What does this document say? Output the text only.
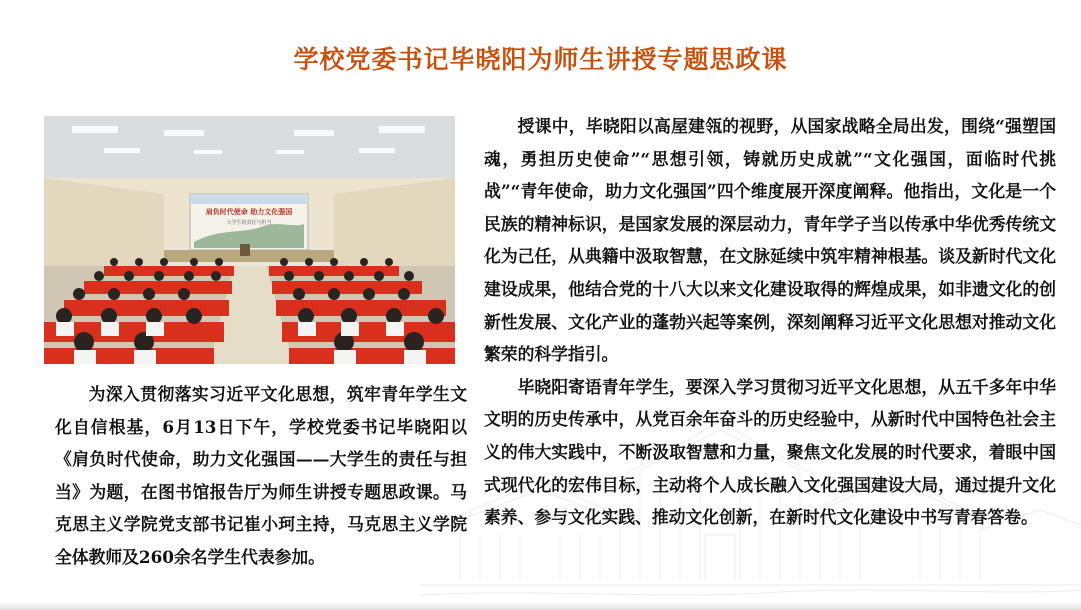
学校党委书记毕晓阳为师生讲授专题思政课
肩负时代使命 助力文化强国
大学生的责任与担当

为深入贯彻落实习近平文化思想，筑牢青年学生文化自信根基，6月13日下午，学校党委书记毕晓阳以《肩负时代使命，助力文化强国——大学生的责任与担当》为题，在图书馆报告厅为师生讲授专题思政课。马克思主义学院党支部书记崔小珂主持，马克思主义学院全体教师及260余名学生代表参加。

授课中，毕晓阳以高屋建瓴的视野，从国家战略全局出发，围绕“强塑国魂，勇担历史使命”“思想引领，铸就历史成就”“文化强国，面临时代挑战”“青年使命，助力文化强国”四个维度展开深度阐释。他指出，文化是一个民族的精神标识，是国家发展的深层动力，青年学子当以传承中华优秀传统文化为己任，从典籍中汲取智慧，在文脉延续中筑牢精神根基。谈及新时代文化建设成果，他结合党的十八大以来文化建设取得的辉煌成果，如非遗文化的创新性发展、文化产业的蓬勃兴起等案例，深刻阐释习近平文化思想对推动文化繁荣的科学指引。

毕晓阳寄语青年学生，要深入学习贯彻习近平文化思想，从五千多年中华文明的历史传承中，从党百余年奋斗的历史经验中，从新时代中国特色社会主义的伟大实践中，不断汲取智慧和力量，聚焦文化发展的时代要求，着眼中国式现代化的宏伟目标，主动将个人成长融入文化强国建设大局，通过提升文化素养、参与文化实践、推动文化创新，在新时代文化建设中书写青春答卷。
